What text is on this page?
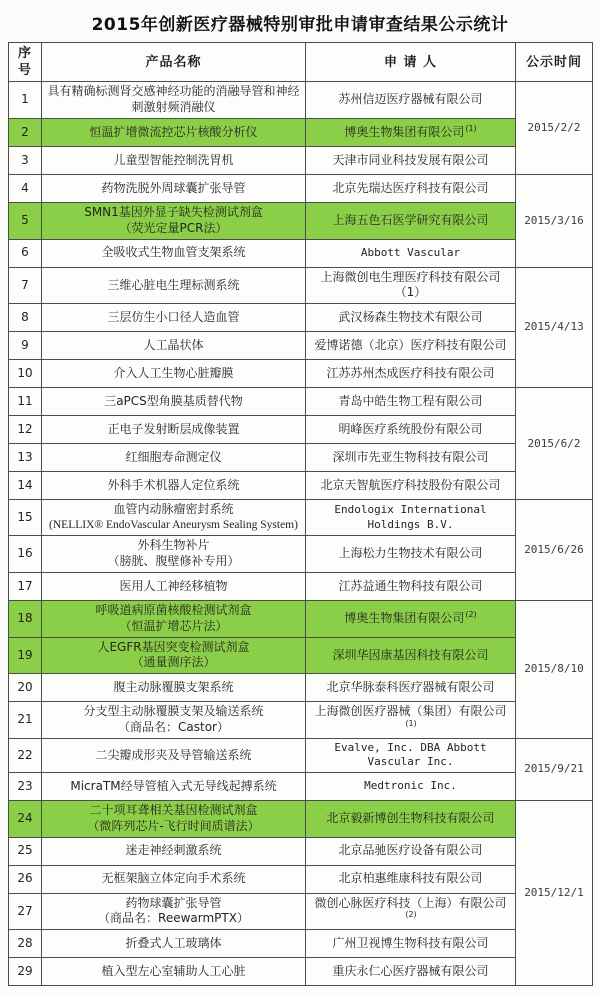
2015年创新医疗器械特别审批申请审查结果公示统计
序号	产品名称	申 请 人	公示时间
1	具有精确标测肾交感神经功能的消融导管和神经刺激射频消融仪	苏州信迈医疗器械有限公司	2015/2/2
2	恒温扩增微流控芯片核酸分析仪	博奥生物集团有限公司$^{(1)}$
3	儿童型智能控制洗胃机	天津市同业科技发展有限公司	
4	药物洗脱外周球囊扩张导管	北京先瑞达医疗科技有限公司	2015/3/16
5	SMN1基因外显子缺失检测试剂盒
（荧光定量PCR法）	上海五色石医学研究有限公司	
6	全吸收式生物血管支架系统	Abbott Vascular	
7	三维心脏电生理标测系统	上海微创电生理医疗科技有限公司（1）	2015/4/13
8	三层仿生小口径人造血管	武汉杨森生物技术有限公司	
9	人工晶状体	爱博诺德（北京）医疗科技有限公司	
10	介入人工生物心脏瓣膜	江苏苏州杰成医疗科技有限公司	
11	三aPCS型角膜基质替代物	青岛中皓生物工程有限公司	2015/6/2
12	正电子发射断层成像装置	明峰医疗系统股份有限公司	
13	红细胞寿命测定仪	深圳市先亚生物科技有限公司	
14	外科手术机器人定位系统	北京天智航医疗科技股份有限公司	
15	血管内动脉瘤密封系统
(NELLIX® EndoVascular Aneurysm Sealing System)	Endologix International Holdings B.V.	2015/6/26
16	外科生物补片
（膀胱、腹壁修补专用）	上海松力生物技术有限公司	
17	医用人工神经移植物	江苏益通生物科技有限公司	
18	呼吸道病原菌核酸检测试剂盒
（恒温扩增芯片法）	博奥生物集团有限公司$^{(2)}$	2015/8/10
19	人EGFR基因突变检测试剂盒
（通量测序法）	深圳华因康基因科技有限公司	
20	腹主动脉覆膜支架系统	北京华脉泰科医疗器械有限公司	
21	分支型主动脉覆膜支架及输送系统
（商品名：Castor）	上海微创医疗器械（集团）有限公司$^{(1)}$
22	二尖瓣成形夹及导管输送系统	Evalve, Inc. DBA Abbott Vascular Inc.	2015/9/21
23	MicraTM经导管植入式无导线起搏系统	Medtronic Inc.	
24	二十项耳聋相关基因检测试剂盒
（微阵列芯片-飞行时间质谱法）	北京毅新博创生物科技有限公司	2015/12/1
25	迷走神经刺激系统	北京品驰医疗设备有限公司	
26	无框架脑立体定向手术系统	北京柏惠维康科技有限公司	
27	药物球囊扩张导管
（商品名：ReewarmPTX）	微创心脉医疗科技（上海）有限公司$^{(2)}$
28	折叠式人工玻璃体	广州卫视博生物科技有限公司	
29	植入型左心室辅助人工心脏	重庆永仁心医疗器械有限公司	
